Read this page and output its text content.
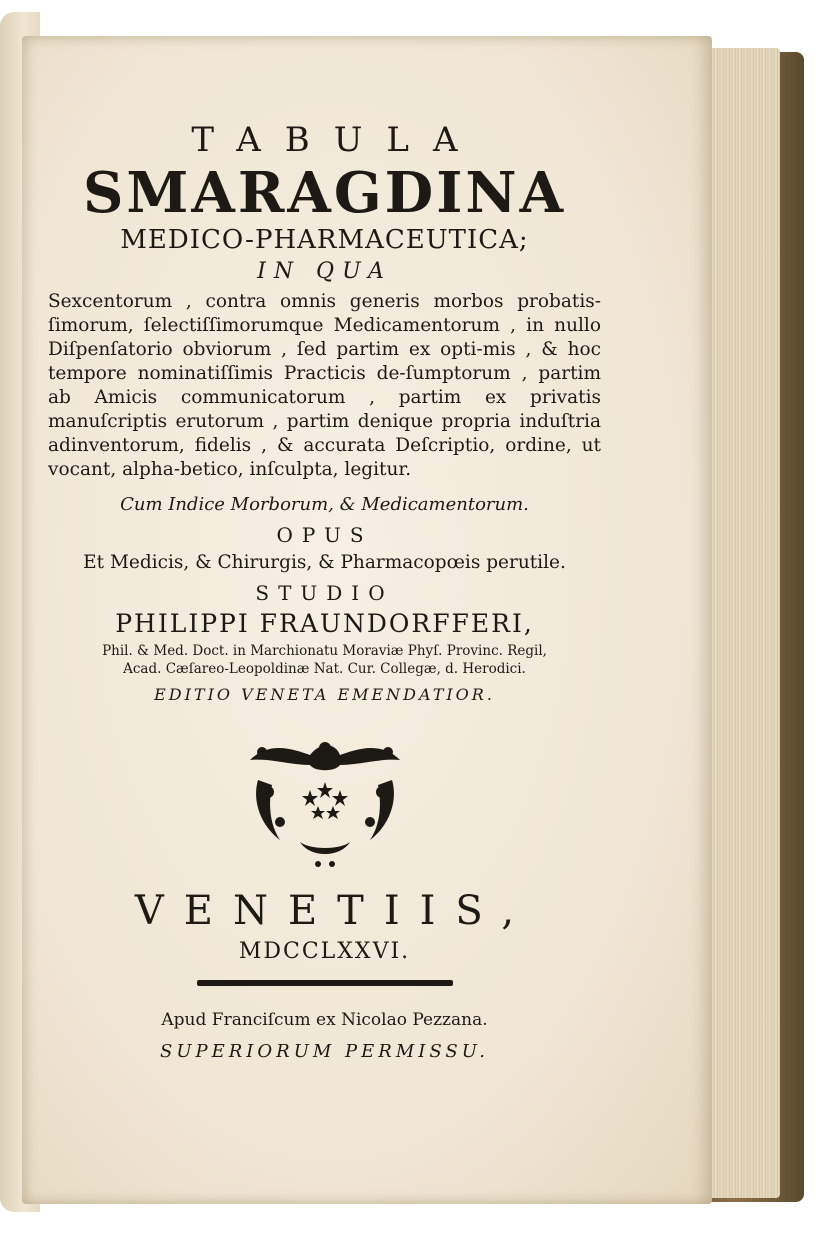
TABULA

SMARAGDINA

MEDICO-PHARMACEUTICA;

IN QUA

Sexcentorum , contra omnis generis morbos probatis-ſimorum, ſelectiſſimorumque Medicamentorum , in nullo Diſpenſatorio obviorum , ſed partim ex opti-mis , & hoc tempore nominatiſſimis Practicis de-ſumptorum , partim ab Amicis communicatorum , partim ex privatis manuſcriptis erutorum , partim denique propria induſtria adinventorum, fidelis , & accurata Deſcriptio, ordine, ut vocant, alpha-betico, inſculpta, legitur.

Cum Indice Morborum, & Medicamentorum.

OPUS

Et Medicis, & Chirurgis, & Pharmacopœis perutile.

STUDIO

PHILIPPI FRAUNDORFFERI,

Phil. & Med. Doct. in Marchionatu Moraviæ Phyſ. Provinc. Regil,

Acad. Cæſareo-Leopoldinæ Nat. Cur. Collegæ, d. Herodici.

EDITIO VENETA EMENDATIOR.

VENETIIS,

MDCCLXXVI.

Apud Franciſcum ex Nicolao Pezzana.

SUPERIORUM PERMISSU.
